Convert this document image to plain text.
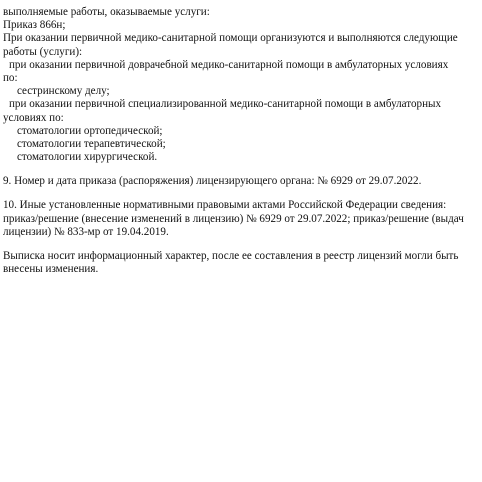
выполняемые работы, оказываемые услуги:
Приказ 866н;
При оказании первичной медико-санитарной помощи организуются и выполняются следующие
работы (услуги):
при оказании первичной доврачебной медико-санитарной помощи в амбулаторных условиях
по:
сестринскому делу;
при оказании первичной специализированной медико-санитарной помощи в амбулаторных
условиях по:
стоматологии ортопедической;
стоматологии терапевтической;
стоматологии хирургической.
9. Номер и дата приказа (распоряжения) лицензирующего органа: № 6929 от 29.07.2022.
10. Иные установленные нормативными правовыми актами Российской Федерации сведения:
приказ/решение (внесение изменений в лицензию) № 6929 от 29.07.2022; приказ/решение (выдач
лицензии) № 833-мр от 19.04.2019.
Выписка носит информационный характер, после ее составления в реестр лицензий могли быть
внесены изменения.
